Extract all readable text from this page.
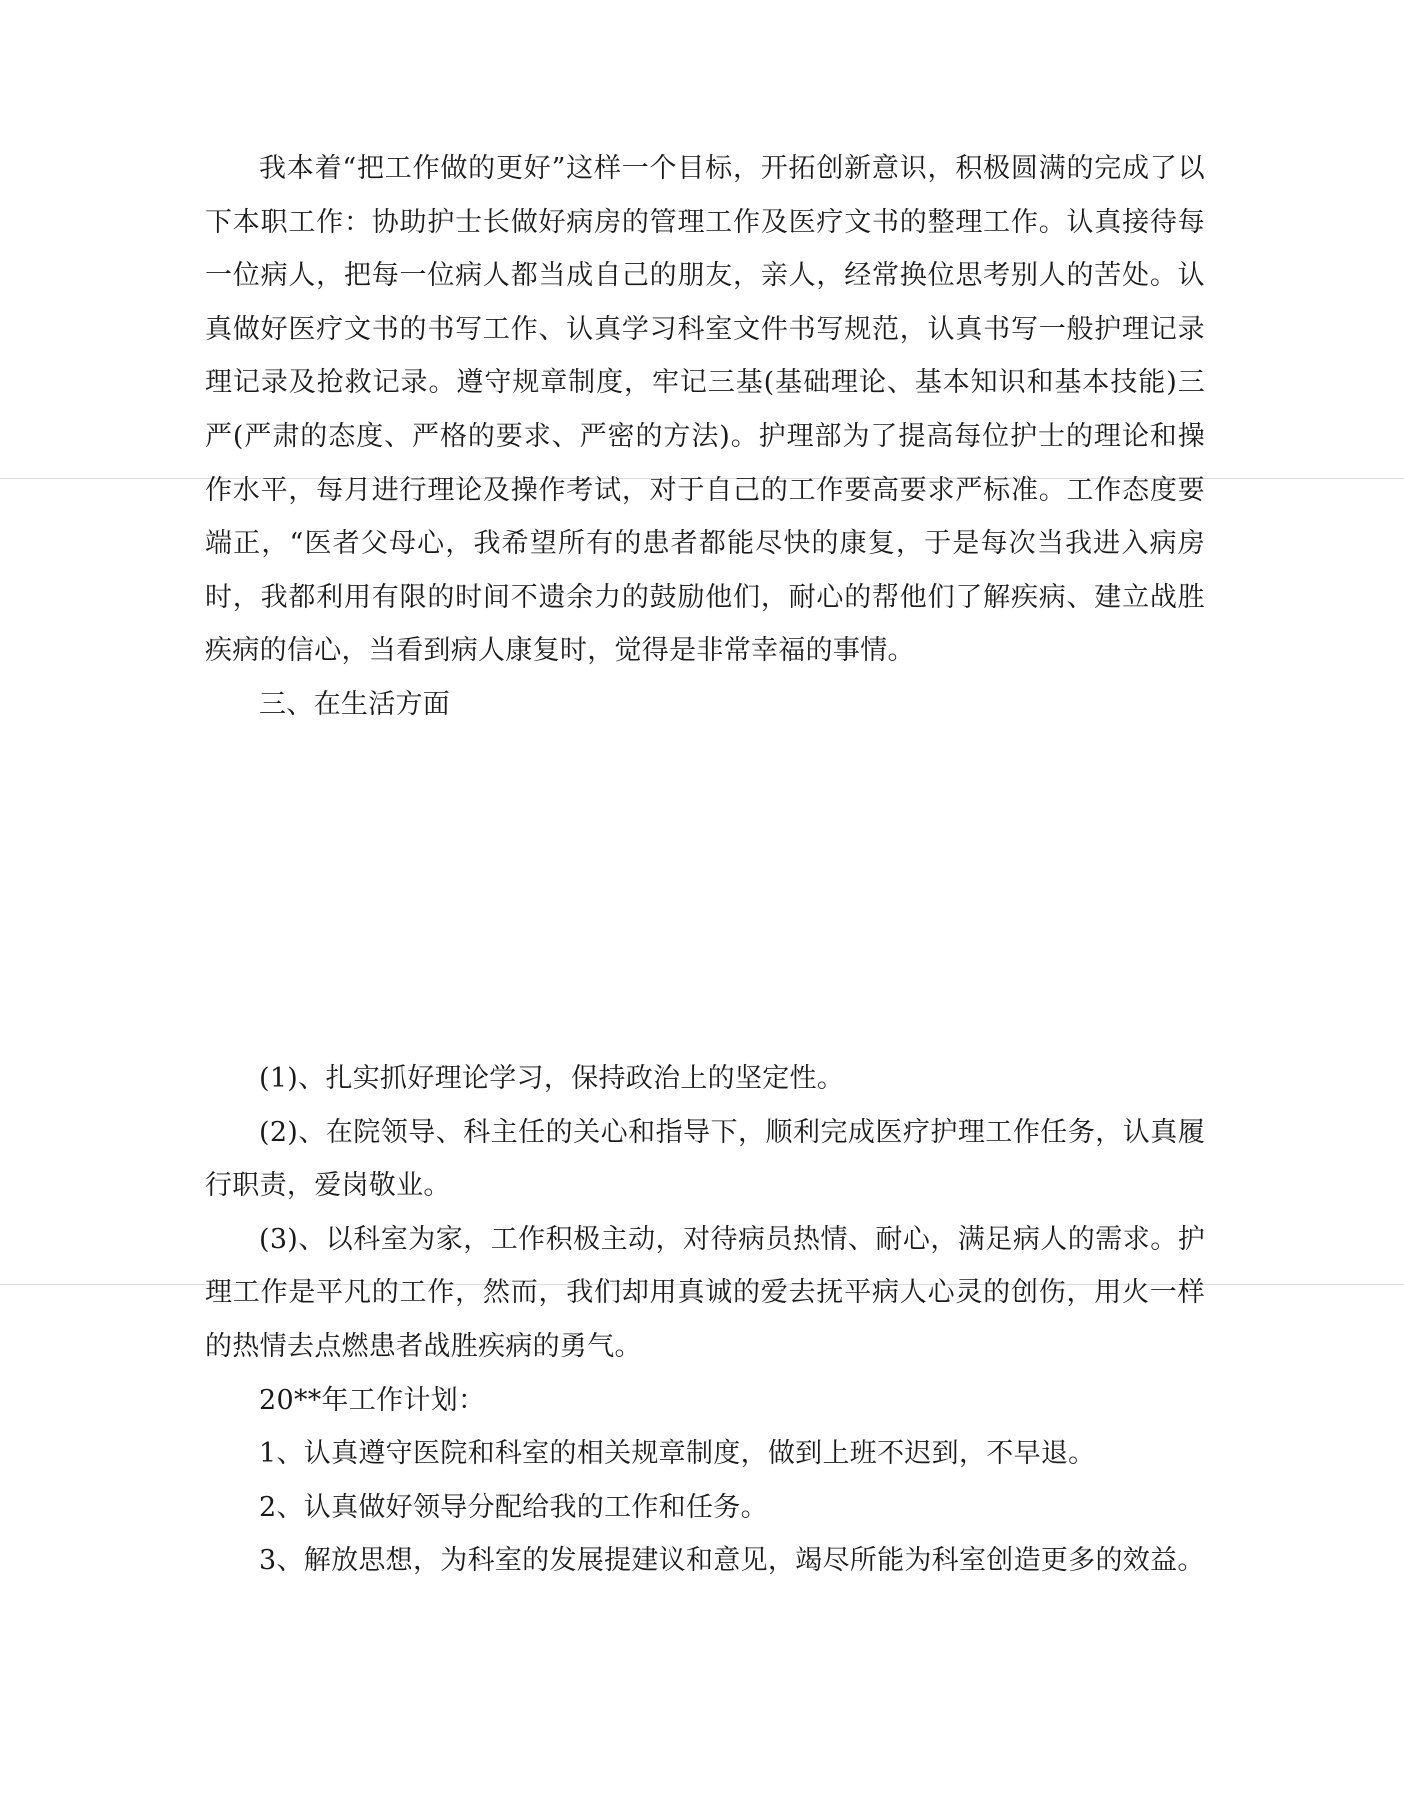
我本着“把工作做的更好”这样一个目标，开拓创新意识，积极圆满的完成了以下本职工作：协助护士长做好病房的管理工作及医疗文书的整理工作。认真接待每一位病人，把每一位病人都当成自己的朋友，亲人，经常换位思考别人的苦处。认真做好医疗文书的书写工作、认真学习科室文件书写规范，认真书写一般护理记录理记录及抢救记录。遵守规章制度，牢记三基(基础理论、基本知识和基本技能)三严(严肃的态度、严格的要求、严密的方法)。护理部为了提高每位护士的理论和操作水平，每月进行理论及操作考试，对于自己的工作要高要求严标准。工作态度要端正，“医者父母心，我希望所有的患者都能尽快的康复，于是每次当我进入病房时，我都利用有限的时间不遗余力的鼓励他们，耐心的帮他们了解疾病、建立战胜疾病的信心，当看到病人康复时，觉得是非常幸福的事情。

三、在生活方面

(1)、扎实抓好理论学习，保持政治上的坚定性。

(2)、在院领导、科主任的关心和指导下，顺利完成医疗护理工作任务，认真履行职责，爱岗敬业。

(3)、以科室为家，工作积极主动，对待病员热情、耐心，满足病人的需求。护理工作是平凡的工作，然而，我们却用真诚的爱去抚平病人心灵的创伤，用火一样的热情去点燃患者战胜疾病的勇气。

20**年工作计划：

1、认真遵守医院和科室的相关规章制度，做到上班不迟到，不早退。

2、认真做好领导分配给我的工作和任务。

3、解放思想，为科室的发展提建议和意见，竭尽所能为科室创造更多的效益。
